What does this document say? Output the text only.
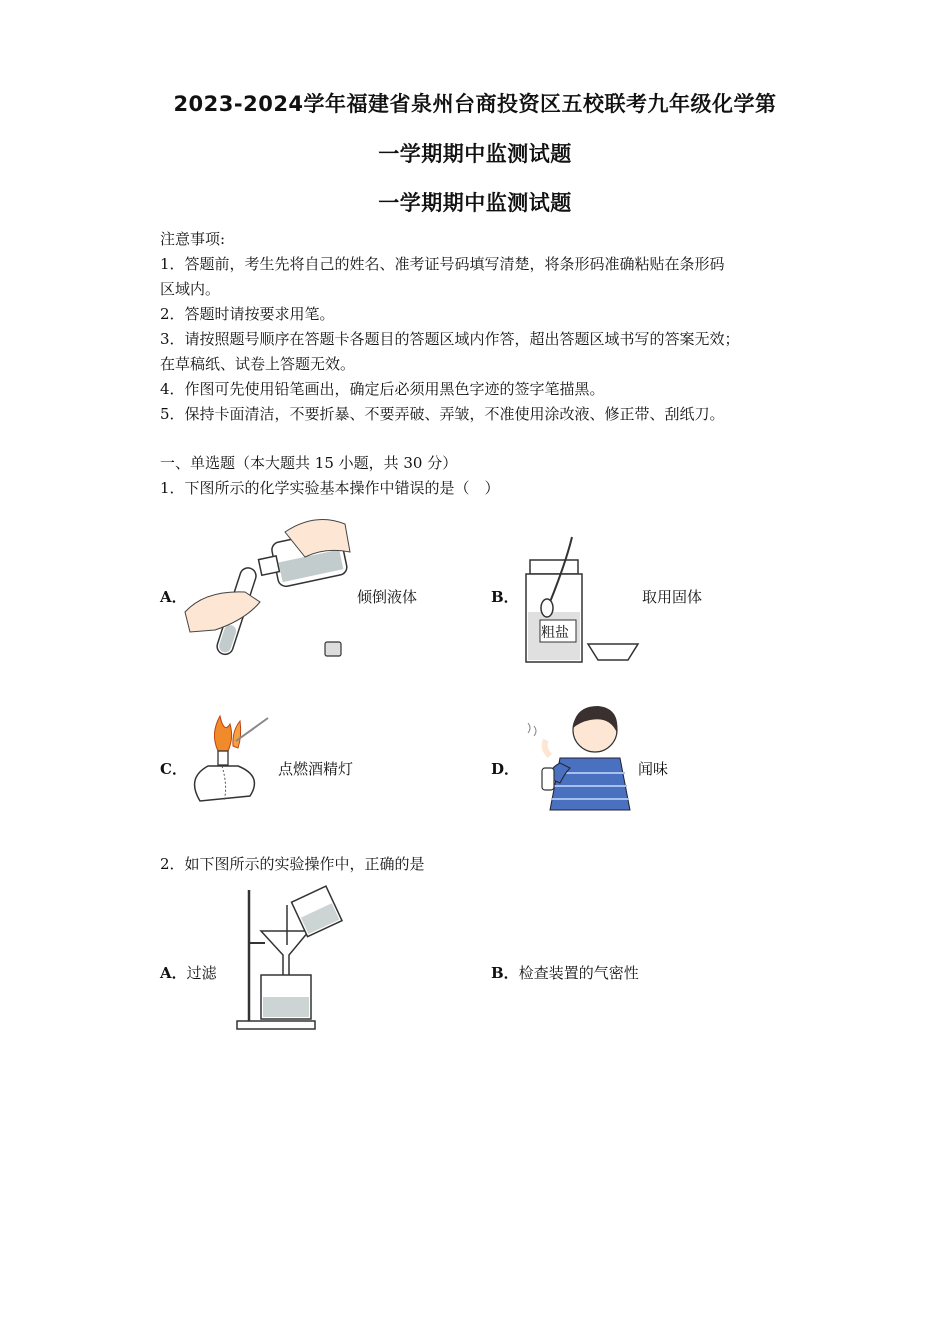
2023-2024学年福建省泉州台商投资区五校联考九年级化学第
一学期期中监测试题
一学期期中监测试题
注意事项:
1．答题前，考生先将自己的姓名、准考证号码填写清楚，将条形码准确粘贴在条形码
区域内。
2．答题时请按要求用笔。
3．请按照题号顺序在答题卡各题目的答题区域内作答，超出答题区域书写的答案无效；
在草稿纸、试卷上答题无效。
4．作图可先使用铅笔画出，确定后必须用黑色字迹的签字笔描黑。
5．保持卡面清洁，不要折暴、不要弄破、弄皱，不准使用涂改液、修正带、刮纸刀。
一、单选题（本大题共 15 小题，共 30 分）
1．下图所示的化学实验基本操作中错误的是（　）
A．	倾倒液体	B．
粗盐
取用固体
C．	点燃酒精灯	D．	闻味
2．如下图所示的实验操作中，正确的是
A．过滤	B．检查装置的气密性
